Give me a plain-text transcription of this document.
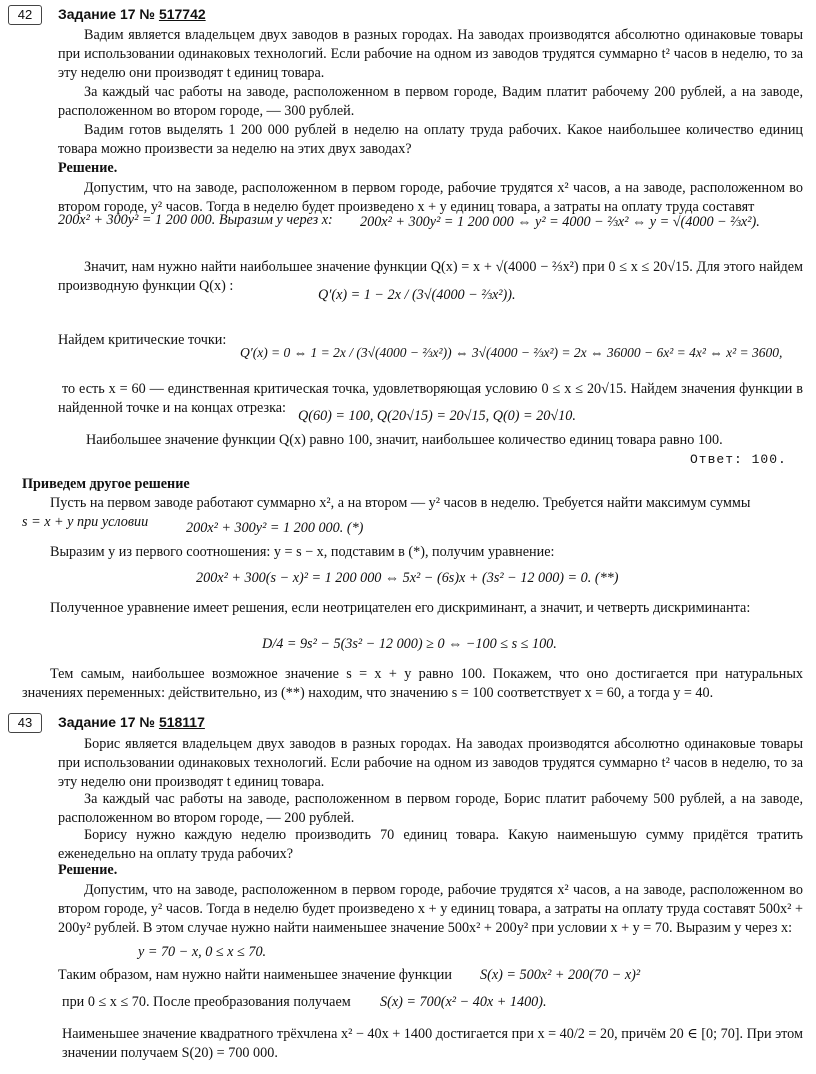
42	Задание 17 № 517742
Вадим является владельцем двух заводов в разных городах. На заводах производятся абсолютно одинаковые товары при использовании одинаковых технологий. Если рабочие на одном из заводов трудятся суммарно t² часов в неделю, то за эту неделю они производят t единиц товара.
За каждый час работы на заводе, расположенном в первом городе, Вадим платит рабочему 200 рублей, а на заводе, расположенном во втором городе, — 300 рублей.
Вадим готов выделять 1 200 000 рублей в неделю на оплату труда рабочих. Какое наибольшее количество единиц товара можно произвести за неделю на этих двух заводах?
Решение.
Допустим, что на заводе, расположенном в первом городе, рабочие трудятся x² часов, а на заводе, расположенном во втором городе, y² часов. Тогда в неделю будет произведено x + y единиц товара, а затраты на оплату труда составят
200x² + 300y² = 1 200 000. Выразим y через x: 200x² + 300y² = 1 200 000 ⇔ y² = 4000 − ⅔x² ⇔ y = √(4000 − ⅔x²).
Значит, нам нужно найти наибольшее значение функции Q(x) = x + √(4000 − ⅔x²) при 0 ≤ x ≤ 20√15. Для этого найдем производную функции Q(x) :
Q′(x) = 1 − 2x / (3√(4000 − ⅔x²)).
Найдем критические точки:
Q′(x) = 0 ⇔ 1 = 2x / (3√(4000 − ⅔x²)) ⇔ 3√(4000 − ⅔x²) = 2x ⇔ 36000 − 6x² = 4x² ⇔ x² = 3600,
то есть x = 60 — единственная критическая точка, удовлетворяющая условию 0 ≤ x ≤ 20√15. Найдем значения функции в найденной точке и на концах отрезка: Q(60) = 100, Q(20√15) = 20√15, Q(0) = 20√10.
Наибольшее значение функции Q(x) равно 100, значит, наибольшее количество единиц товара равно 100.
Ответ: 100.
Приведем другое решение
Пусть на первом заводе работают суммарно x², а на втором — y² часов в неделю. Требуется найти максимум суммы
s = x + y при условии	200x² + 300y² = 1 200 000. (*)
Выразим y из первого соотношения: y = s − x, подставим в (*), получим уравнение:
200x² + 300(s − x)² = 1 200 000 ⇔ 5x² − (6s)x + (3s² − 12 000) = 0. (**)
Полученное уравнение имеет решения, если неотрицателен его дискриминант, а значит, и четверть дискриминанта:
D/4 = 9s² − 5(3s² − 12 000) ≥ 0 ⇔ −100 ≤ s ≤ 100.
Тем самым, наибольшее возможное значение s = x + y равно 100. Покажем, что оно достигается при натуральных значениях переменных: действительно, из (**) находим, что значению s = 100 соответствует x = 60, а тогда y = 40.
43	Задание 17 № 518117
Борис является владельцем двух заводов в разных городах. На заводах производятся абсолютно одинаковые товары при использовании одинаковых технологий. Если рабочие на одном из заводов трудятся суммарно t² часов в неделю, то за эту неделю они производят t единиц товара.
За каждый час работы на заводе, расположенном в первом городе, Борис платит рабочему 500 рублей, а на заводе, расположенном во втором городе, — 200 рублей.
Борису нужно каждую неделю производить 70 единиц товара. Какую наименьшую сумму придётся тратить еженедельно на оплату труда рабочих?
Решение.
Допустим, что на заводе, расположенном в первом городе, рабочие трудятся x² часов, а на заводе, расположенном во втором городе, y² часов. Тогда в неделю будет произведено x + y единиц товара, а затраты на оплату труда составят 500x² + 200y² рублей. В этом случае нужно найти наименьшее значение 500x² + 200y² при условии x + y = 70. Выразим y через x:
y = 70 − x, 0 ≤ x ≤ 70.
Таким образом, нам нужно найти наименьшее значение функции S(x) = 500x² + 200(70 − x)²
при 0 ≤ x ≤ 70. После преобразования получаем S(x) = 700(x² − 40x + 1400).
Наименьшее значение квадратного трёхчлена x² − 40x + 1400 достигается при x = 40/2 = 20, причём 20 ∈ [0; 70]. При этом значении получаем S(20) = 700 000.
